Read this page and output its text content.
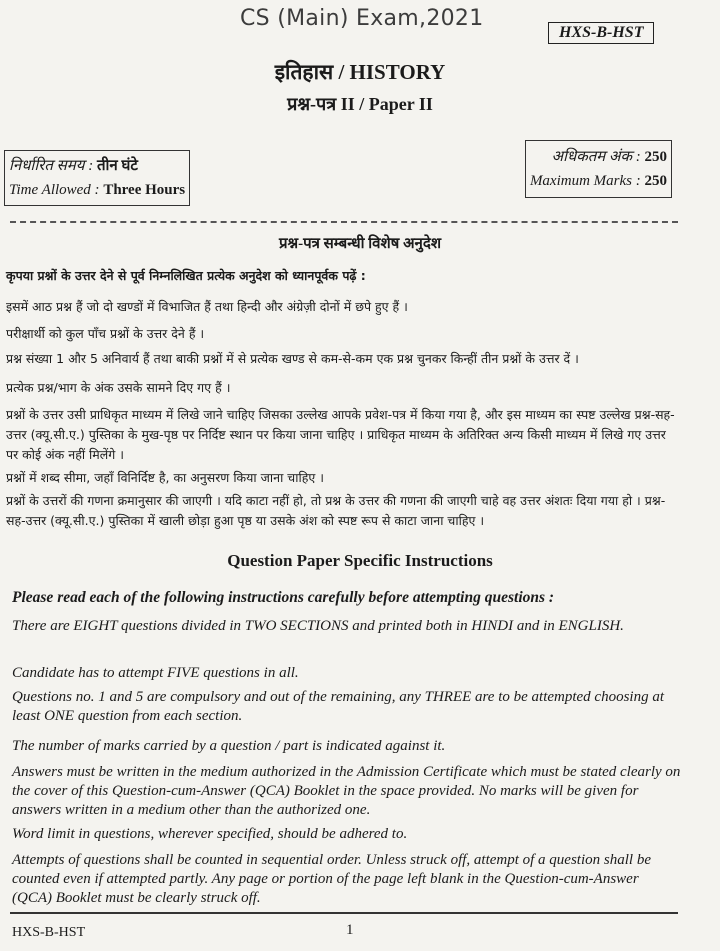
CS (Main) Exam,2021
HXS-B-HST
इतिहास / HISTORY
प्रश्न-पत्र II / Paper II
निर्धारित समय : तीन घंटे
Time Allowed : Three Hours
अधिकतम अंक : 250
Maximum Marks : 250
प्रश्न-पत्र सम्बन्धी विशेष अनुदेश
कृपया प्रश्नों के उत्तर देने से पूर्व निम्नलिखित प्रत्येक अनुदेश को ध्यानपूर्वक पढ़ें :
इसमें आठ प्रश्न हैं जो दो खण्डों में विभाजित हैं तथा हिन्दी और अंग्रेज़ी दोनों में छपे हुए हैं ।
परीक्षार्थी को कुल पाँच प्रश्नों के उत्तर देने हैं ।
प्रश्न संख्या 1 और 5 अनिवार्य हैं तथा बाकी प्रश्नों में से प्रत्येक खण्ड से कम-से-कम एक प्रश्न चुनकर किन्हीं तीन प्रश्नों के उत्तर दें ।
प्रत्येक प्रश्न/भाग के अंक उसके सामने दिए गए हैं ।
प्रश्नों के उत्तर उसी प्राधिकृत माध्यम में लिखे जाने चाहिए जिसका उल्लेख आपके प्रवेश-पत्र में किया गया है, और इस माध्यम का स्पष्ट उल्लेख प्रश्न-सह-उत्तर (क्यू.सी.ए.) पुस्तिका के मुख-पृष्ठ पर निर्दिष्ट स्थान पर किया जाना चाहिए । प्राधिकृत माध्यम के अतिरिक्त अन्य किसी माध्यम में लिखे गए उत्तर पर कोई अंक नहीं मिलेंगे ।
प्रश्नों में शब्द सीमा, जहाँ विनिर्दिष्ट है, का अनुसरण किया जाना चाहिए ।
प्रश्नों के उत्तरों की गणना क्रमानुसार की जाएगी । यदि काटा नहीं हो, तो प्रश्न के उत्तर की गणना की जाएगी चाहे वह उत्तर अंशतः दिया गया हो । प्रश्न-सह-उत्तर (क्यू.सी.ए.) पुस्तिका में खाली छोड़ा हुआ पृष्ठ या उसके अंश को स्पष्ट रूप से काटा जाना चाहिए ।
Question Paper Specific Instructions
Please read each of the following instructions carefully before attempting questions :
There are EIGHT questions divided in TWO SECTIONS and printed both in HINDI and in ENGLISH.
Candidate has to attempt FIVE questions in all.
Questions no. 1 and 5 are compulsory and out of the remaining, any THREE are to be attempted choosing at least ONE question from each section.
The number of marks carried by a question / part is indicated against it.
Answers must be written in the medium authorized in the Admission Certificate which must be stated clearly on the cover of this Question-cum-Answer (QCA) Booklet in the space provided. No marks will be given for answers written in a medium other than the authorized one.
Word limit in questions, wherever specified, should be adhered to.
Attempts of questions shall be counted in sequential order. Unless struck off, attempt of a question shall be counted even if attempted partly. Any page or portion of the page left blank in the Question-cum-Answer (QCA) Booklet must be clearly struck off.
HXS-B-HST	1
